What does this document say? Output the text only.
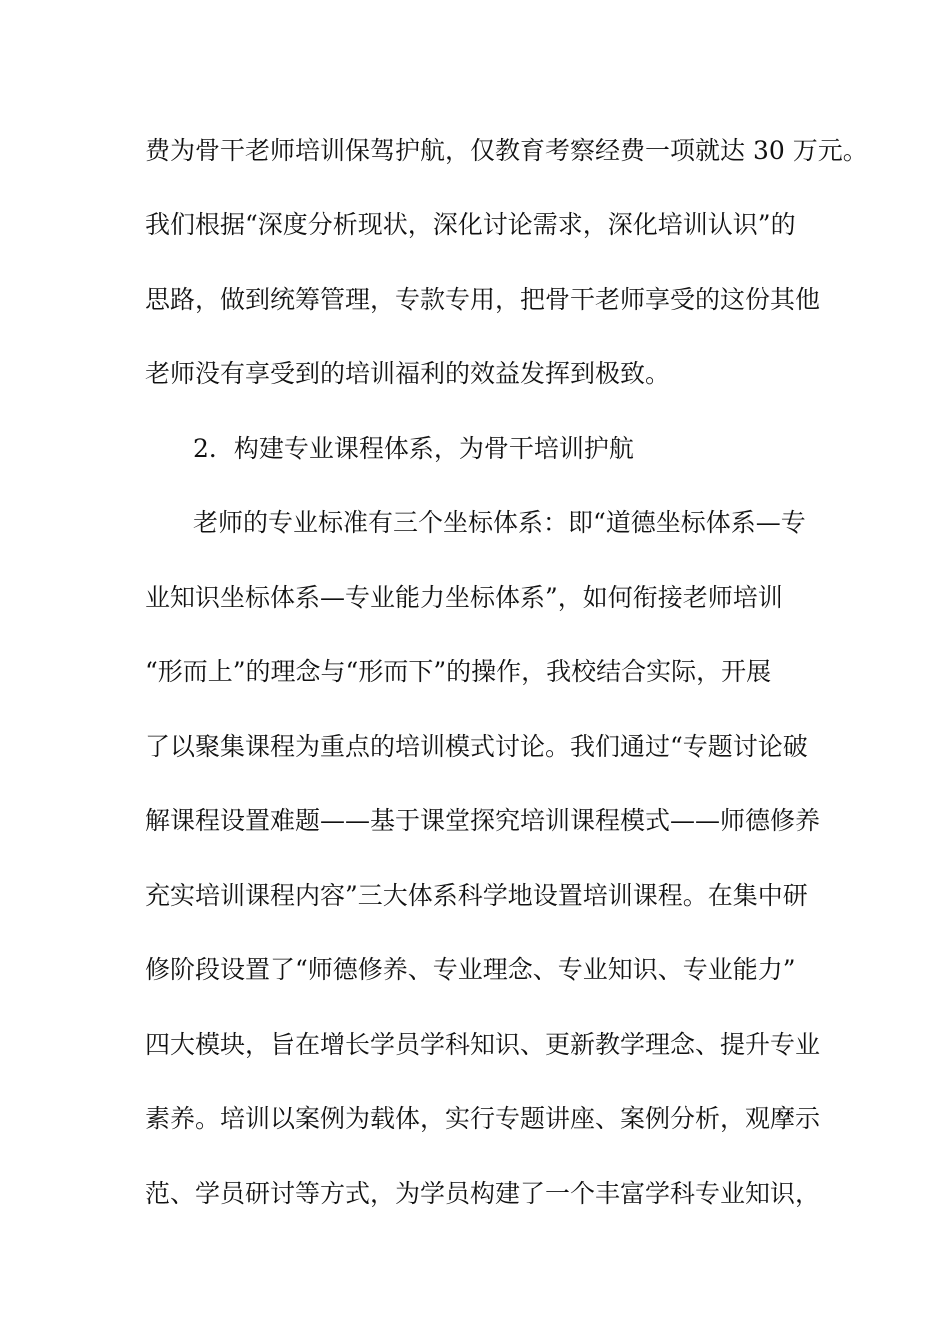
费为骨干老师培训保驾护航，仅教育考察经费一项就达 30 万元。
我们根据“深度分析现状，深化讨论需求，深化培训认识”的
思路，做到统筹管理，专款专用，把骨干老师享受的这份其他
老师没有享受到的培训福利的效益发挥到极致。
2．构建专业课程体系，为骨干培训护航
老师的专业标准有三个坐标体系：即“道德坐标体系—专
业知识坐标体系—专业能力坐标体系”，如何衔接老师培训
“形而上”的理念与“形而下”的操作，我校结合实际，开展
了以聚集课程为重点的培训模式讨论。我们通过“专题讨论破
解课程设置难题——基于课堂探究培训课程模式——师德修养
充实培训课程内容”三大体系科学地设置培训课程。在集中研
修阶段设置了“师德修养、专业理念、专业知识、专业能力”
四大模块，旨在增长学员学科知识、更新教学理念、提升专业
素养。培训以案例为载体，实行专题讲座、案例分析，观摩示
范、学员研讨等方式，为学员构建了一个丰富学科专业知识，
